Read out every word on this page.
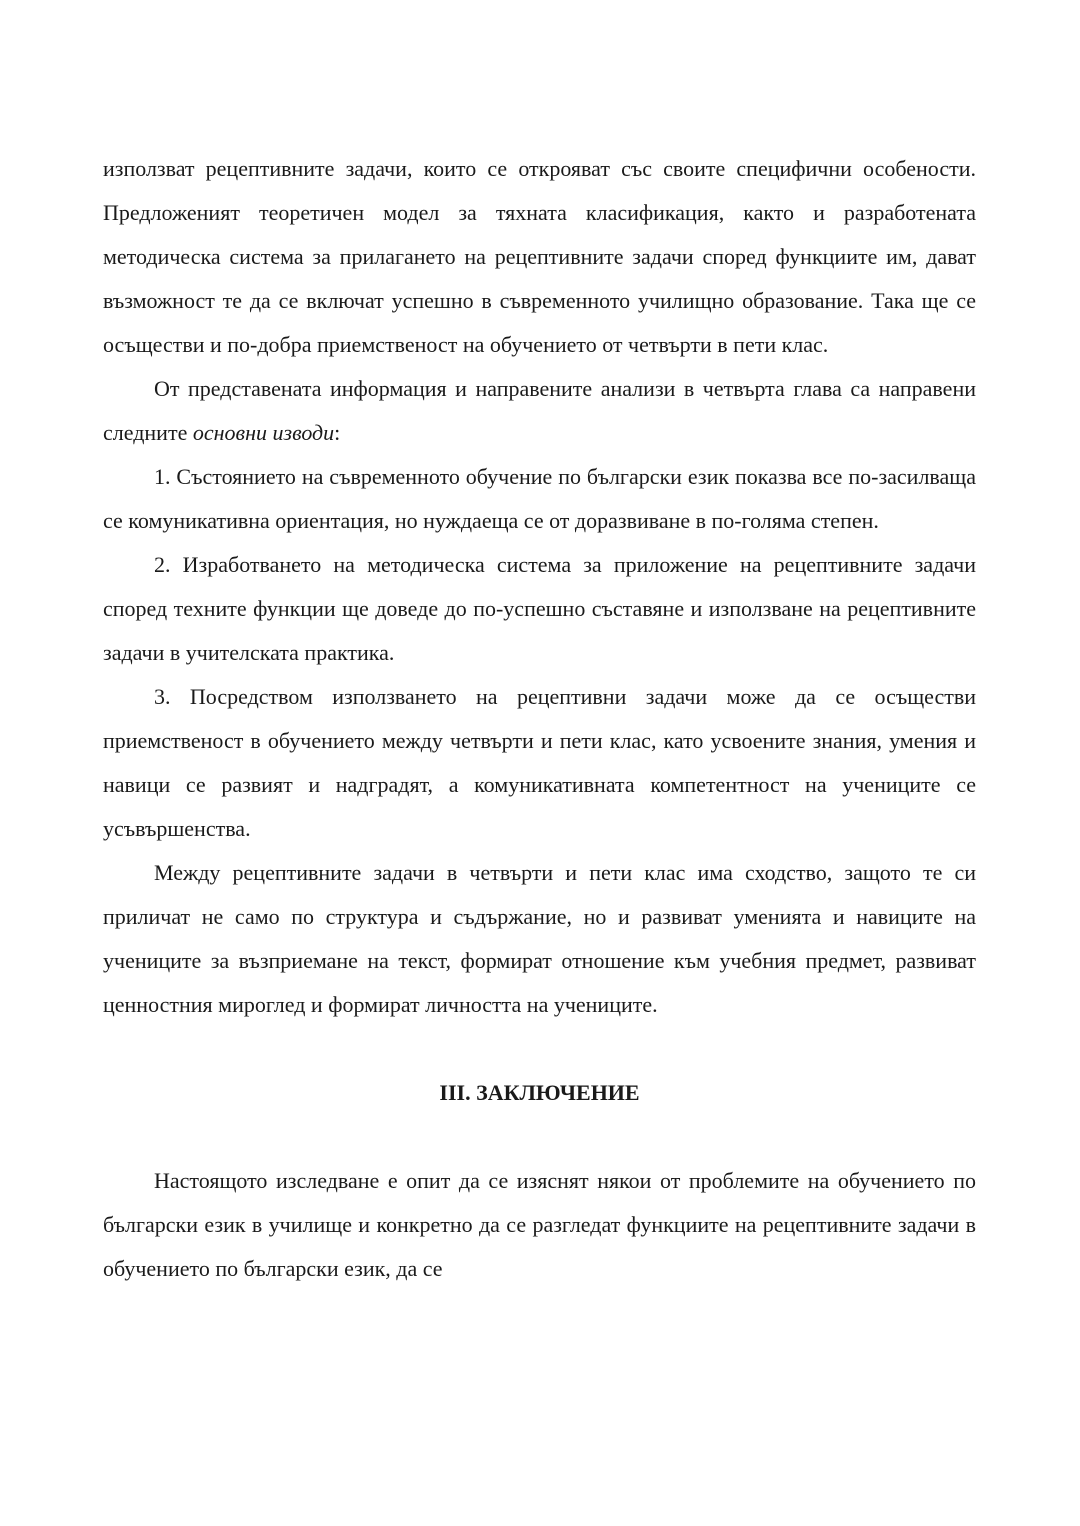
използват рецептивните задачи, които се открояват със своите специфични особености. Предложеният теоретичен модел за тяхната класификация, както и разработената методическа система за прилагането на рецептивните задачи според функциите им, дават възможност те да се включат успешно в съвременното училищно образование. Така ще се осъществи и по-добра приемственост на обучението от четвърти в пети клас.

От представената информация и направените анализи в четвърта глава са направени следните основни изводи:

1. Състоянието на съвременното обучение по български език показва все по-засилваща се комуникативна ориентация, но нуждаеща се от доразвиване в по-голяма степен.

2. Изработването на методическа система за приложение на рецептивните задачи според техните функции ще доведе до по-успешно съставяне и използване на рецептивните задачи в учителската практика.

3. Посредством използването на рецептивни задачи може да се осъществи приемственост в обучението между четвърти и пети клас, като усвоените знания, умения и навици се развият и надградят, а комуникативната компетентност на учениците се усъвършенства.

Между рецептивните задачи в четвърти и пети клас има сходство, защото те си приличат не само по структура и съдържание, но и развиват уменията и навиците на учениците за възприемане на текст, формират отношение към учебния предмет, развиват ценностния мироглед и формират личността на учениците.

III. ЗАКЛЮЧЕНИЕ

Настоящото изследване е опит да се изяснят някои от проблемите на обучението по български език в училище и конкретно да се разгледат функциите на рецептивните задачи в обучението по български език, да се
